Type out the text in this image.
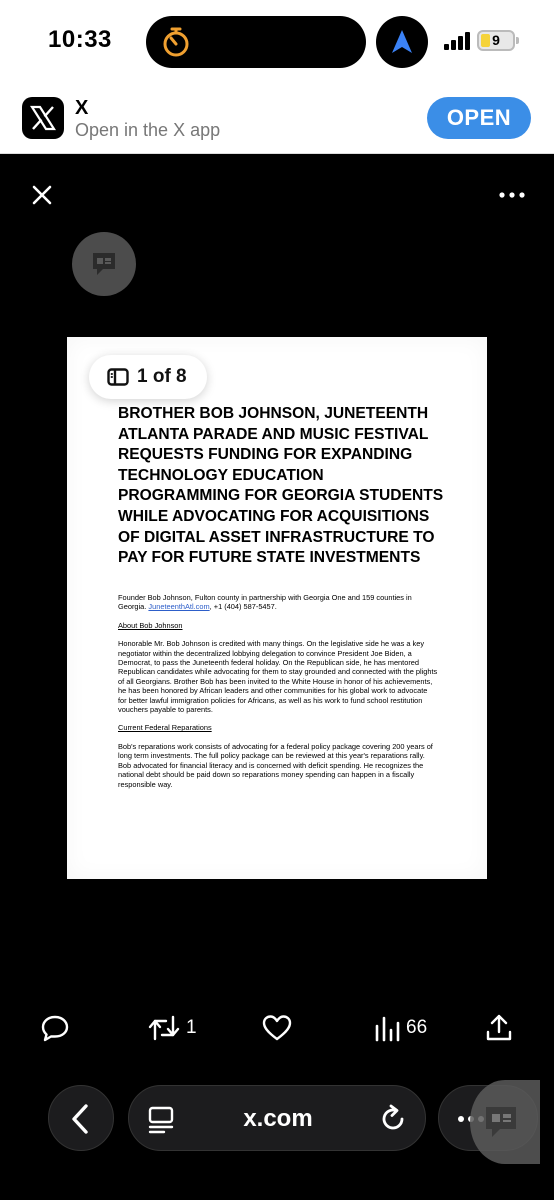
10:33	9
X
Open in the X app	OPEN
1 of 8
BROTHER BOB JOHNSON, JUNETEENTH ATLANTA PARADE AND MUSIC FESTIVAL REQUESTS FUNDING FOR EXPANDING TECHNOLOGY EDUCATION PROGRAMMING FOR GEORGIA STUDENTS WHILE ADVOCATING FOR ACQUISITIONS OF DIGITAL ASSET INFRASTRUCTURE TO PAY FOR FUTURE STATE INVESTMENTS

Founder Bob Johnson, Fulton county in partnership with Georgia One and 159 counties in Georgia. JuneteenthAtl.com, +1 (404) 587-5457.

About Bob Johnson

Honorable Mr. Bob Johnson is credited with many things. On the legislative side he was a key negotiator within the decentralized lobbying delegation to convince President Joe Biden, a Democrat, to pass the Juneteenth federal holiday. On the Republican side, he has mentored Republican candidates while advocating for them to stay grounded and connected with the plights of all Georgians. Brother Bob has been invited to the White House in honor of his achievements, he has been honored by African leaders and other communities for his global work to advocate for better lawful immigration policies for Africans, as well as his work to fund school restitution vouchers payable to parents.

Current Federal Reparations

Bob's reparations work consists of advocating for a federal policy package covering 200 years of long term investments. The full policy package can be reviewed at this year's reparations rally. Bob advocated for financial literacy and is concerned with deficit spending. He recognizes the national debt should be paid down so reparations money spending can happen in a fiscally responsible way.

1	66
x.com
